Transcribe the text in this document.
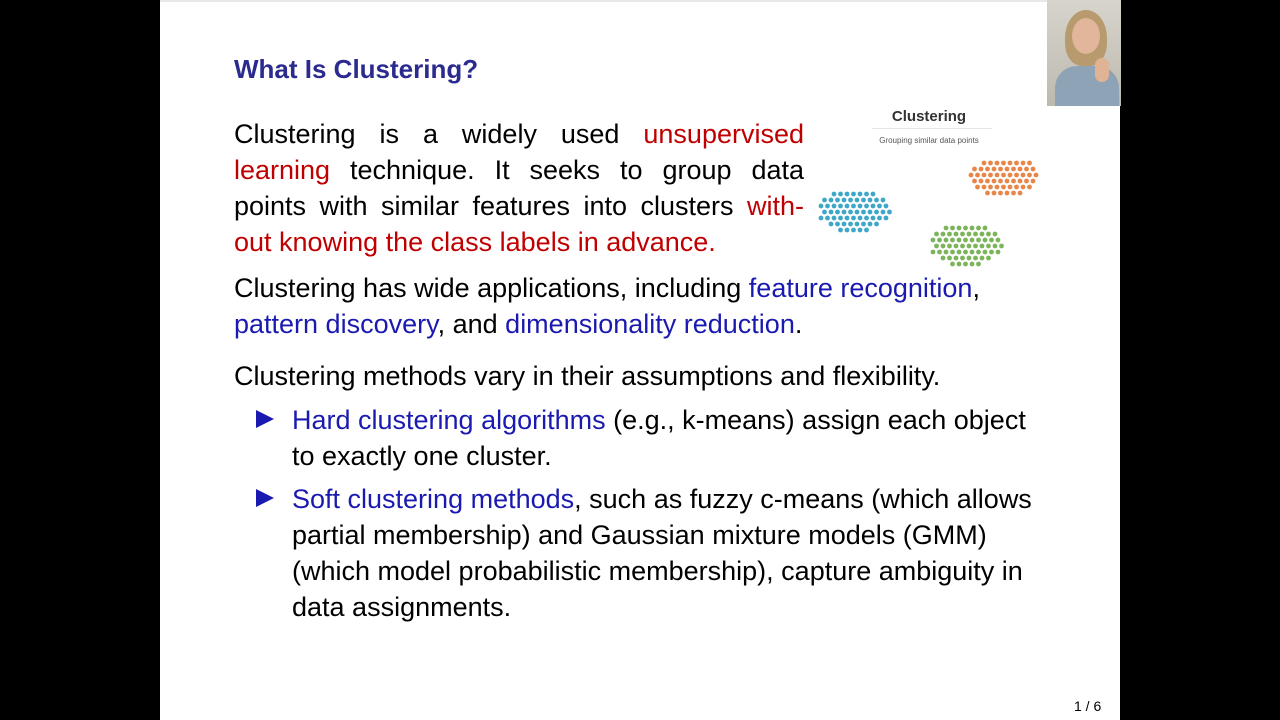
What Is Clustering?
Clustering is a widely used unsupervised
learning technique. It seeks to group data
points with similar features into clusters with-
out knowing the class labels in advance.
Clustering
Grouping similar data points
Clustering has wide applications, including feature recognition,
pattern discovery, and dimensionality reduction.
Clustering methods vary in their assumptions and flexibility.
Hard clustering algorithms (e.g., k-means) assign each object to exactly one cluster.
Soft clustering methods, such as fuzzy c-means (which allows partial membership) and Gaussian mixture models (GMM) (which model probabilistic membership), capture ambiguity in data assignments.
1 / 6
